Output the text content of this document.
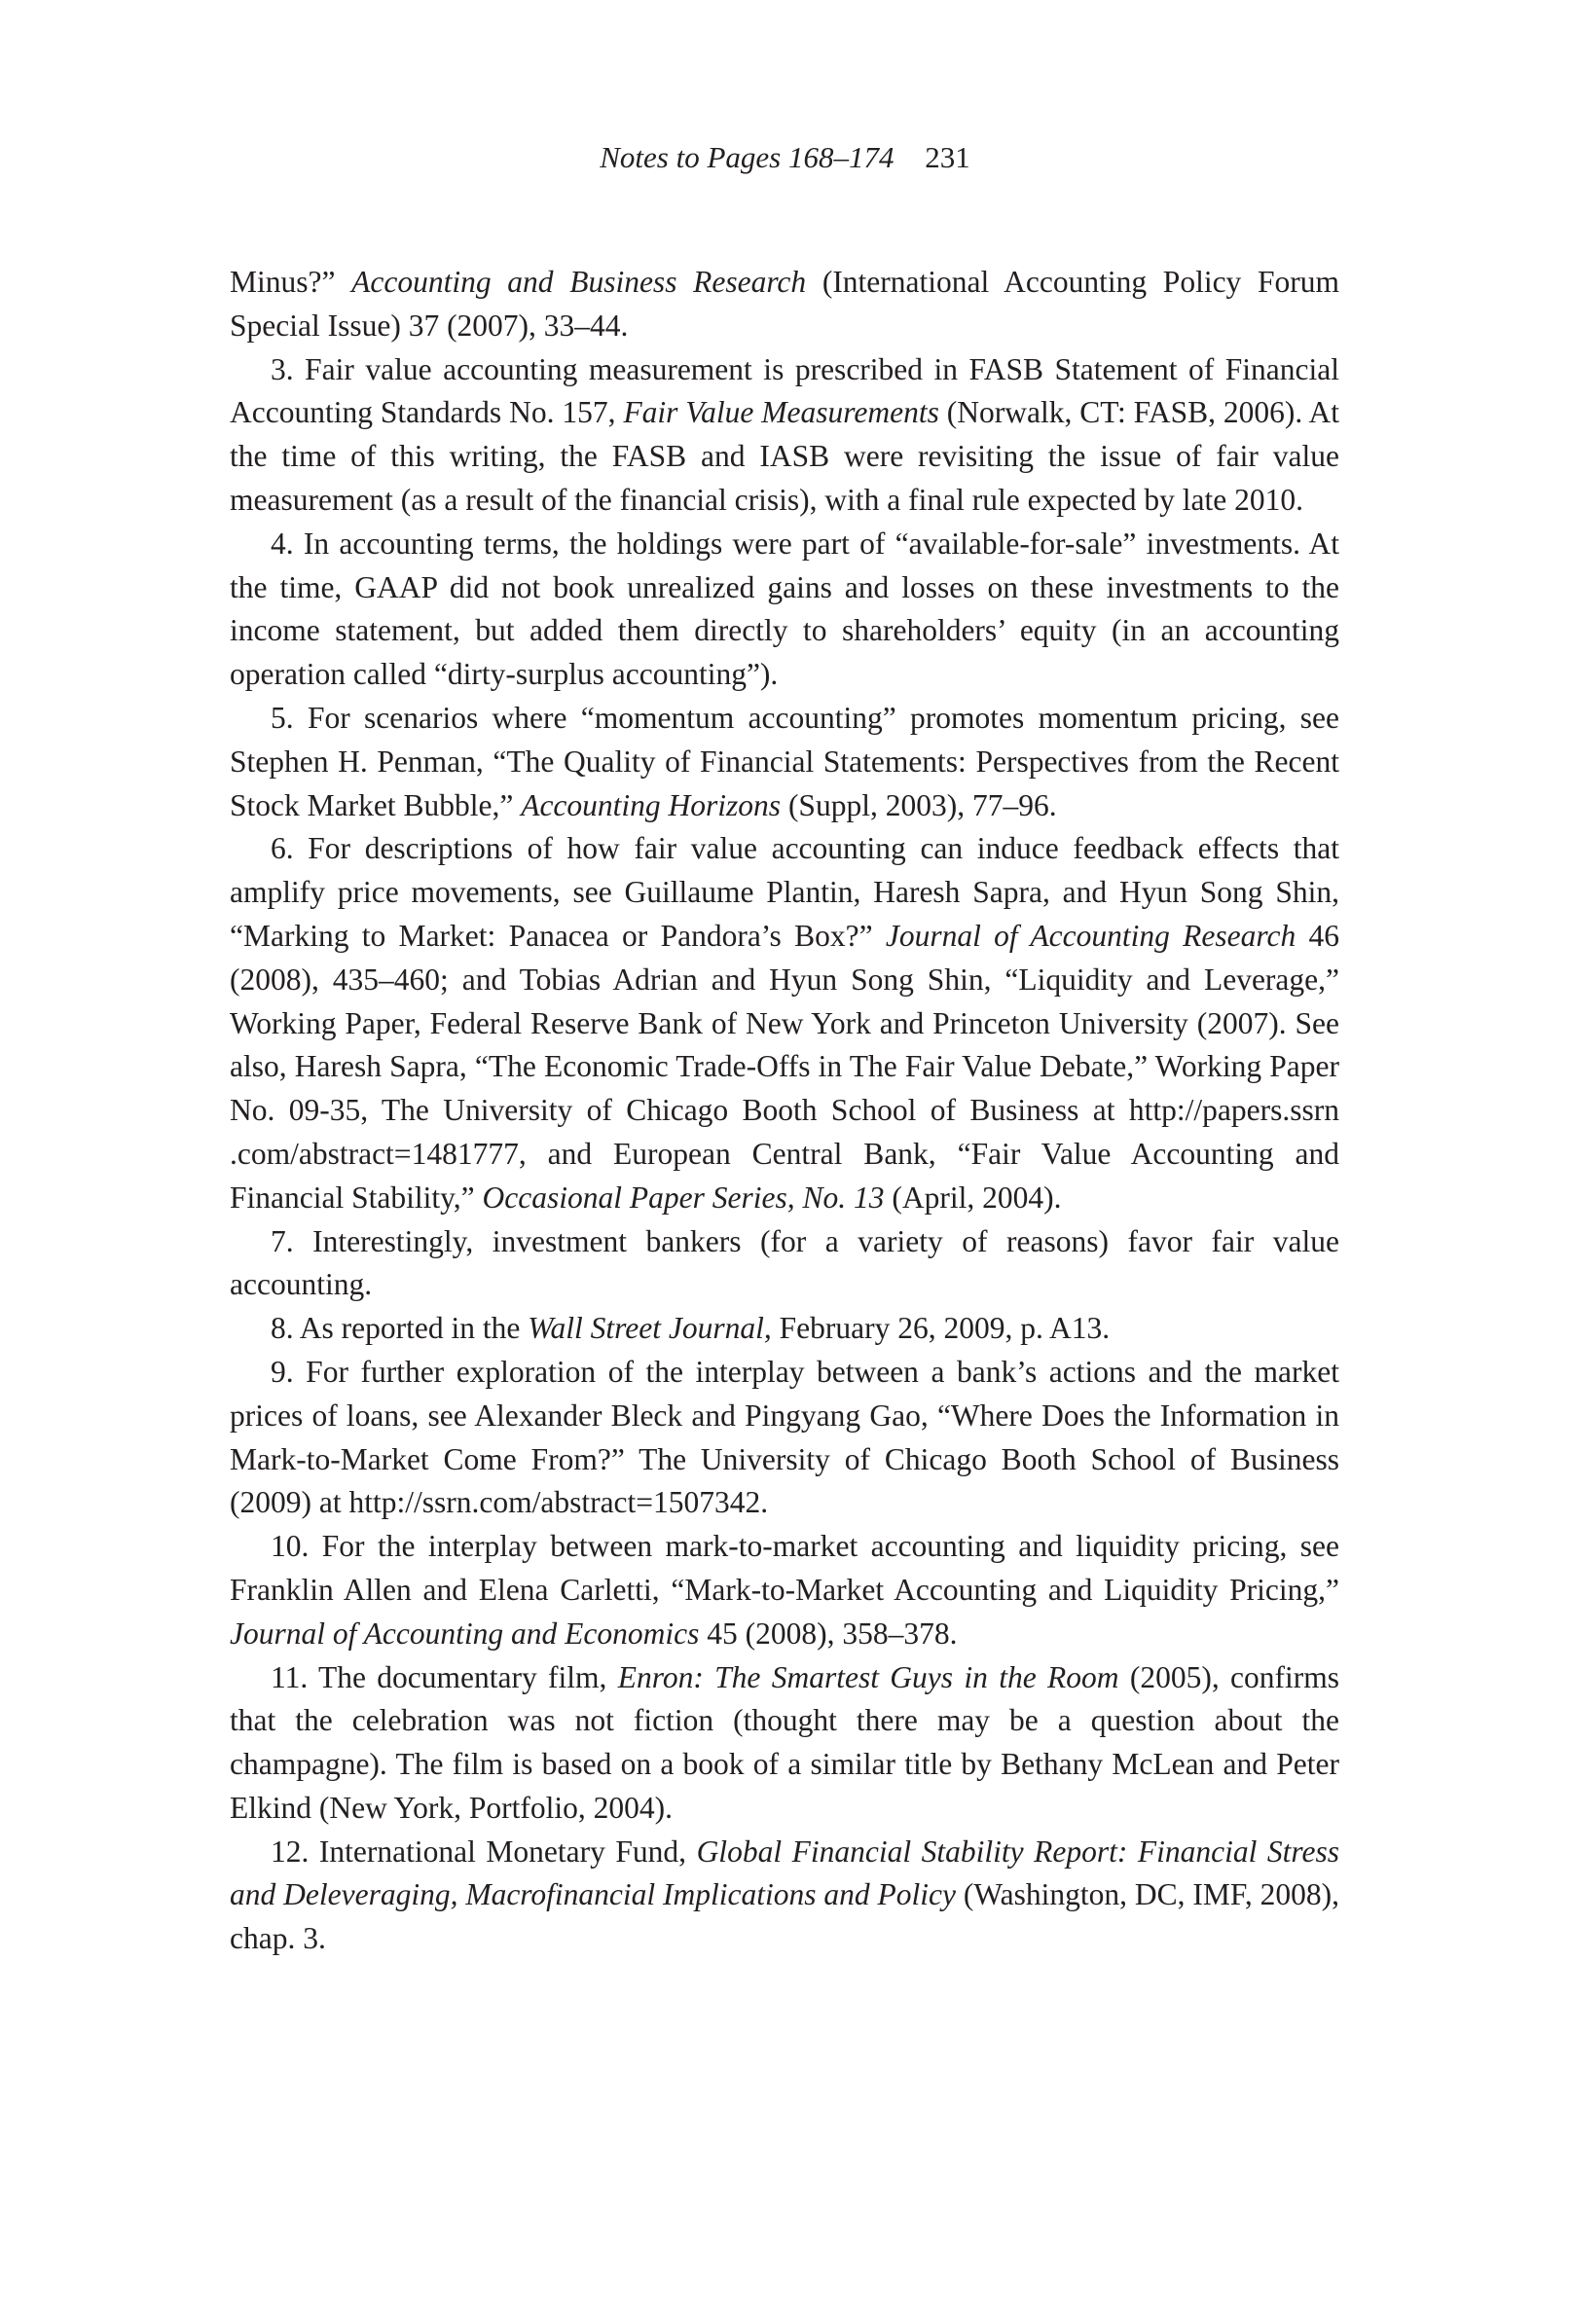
Notes to Pages 168–174 231

Minus?” Accounting and Business Research (International Accounting Policy Forum Special Issue) 37 (2007), 33–44.

3. Fair value accounting measurement is prescribed in FASB Statement of Financial Accounting Standards No. 157, Fair Value Measurements (Norwalk, CT: FASB, 2006). At the time of this writing, the FASB and IASB were revisiting the issue of fair value measurement (as a result of the financial crisis), with a final rule expected by late 2010.

4. In accounting terms, the holdings were part of “available-for-sale” investments. At the time, GAAP did not book unrealized gains and losses on these investments to the income statement, but added them directly to shareholders’ equity (in an accounting operation called “dirty-surplus accounting”).

5. For scenarios where “momentum accounting” promotes momentum pricing, see Stephen H. Penman, “The Quality of Financial Statements: Perspectives from the Recent Stock Market Bubble,” Accounting Horizons (Suppl, 2003), 77–96.

6. For descriptions of how fair value accounting can induce feedback effects that amplify price movements, see Guillaume Plantin, Haresh Sapra, and Hyun Song Shin, “Marking to Market: Panacea or Pandora’s Box?” Journal of Accounting Research 46 (2008), 435–460; and Tobias Adrian and Hyun Song Shin, “Liquidity and Leverage,” Working Paper, Federal Reserve Bank of New York and Princeton University (2007). See also, Haresh Sapra, “The Economic Trade-Offs in The Fair Value Debate,” Working Paper No. 09-35, The University of Chicago Booth School of Business at http://papers.ssrn .com/abstract=1481777, and European Central Bank, “Fair Value Accounting and Financial Stability,” Occasional Paper Series, No. 13 (April, 2004).

7. Interestingly, investment bankers (for a variety of reasons) favor fair value accounting.

8. As reported in the Wall Street Journal, February 26, 2009, p. A13.

9. For further exploration of the interplay between a bank’s actions and the market prices of loans, see Alexander Bleck and Pingyang Gao, “Where Does the Information in Mark-to-Market Come From?” The University of Chicago Booth School of Business (2009) at http://ssrn.com/abstract=1507342.

10. For the interplay between mark-to-market accounting and liquidity pricing, see Franklin Allen and Elena Carletti, “Mark-to-Market Accounting and Liquidity Pricing,” Journal of Accounting and Economics 45 (2008), 358–378.

11. The documentary film, Enron: The Smartest Guys in the Room (2005), confirms that the celebration was not fiction (thought there may be a question about the champagne). The film is based on a book of a similar title by Bethany McLean and Peter Elkind (New York, Portfolio, 2004).

12. International Monetary Fund, Global Financial Stability Report: Financial Stress and Deleveraging, Macrofinancial Implications and Policy (Washington, DC, IMF, 2008), chap. 3.
